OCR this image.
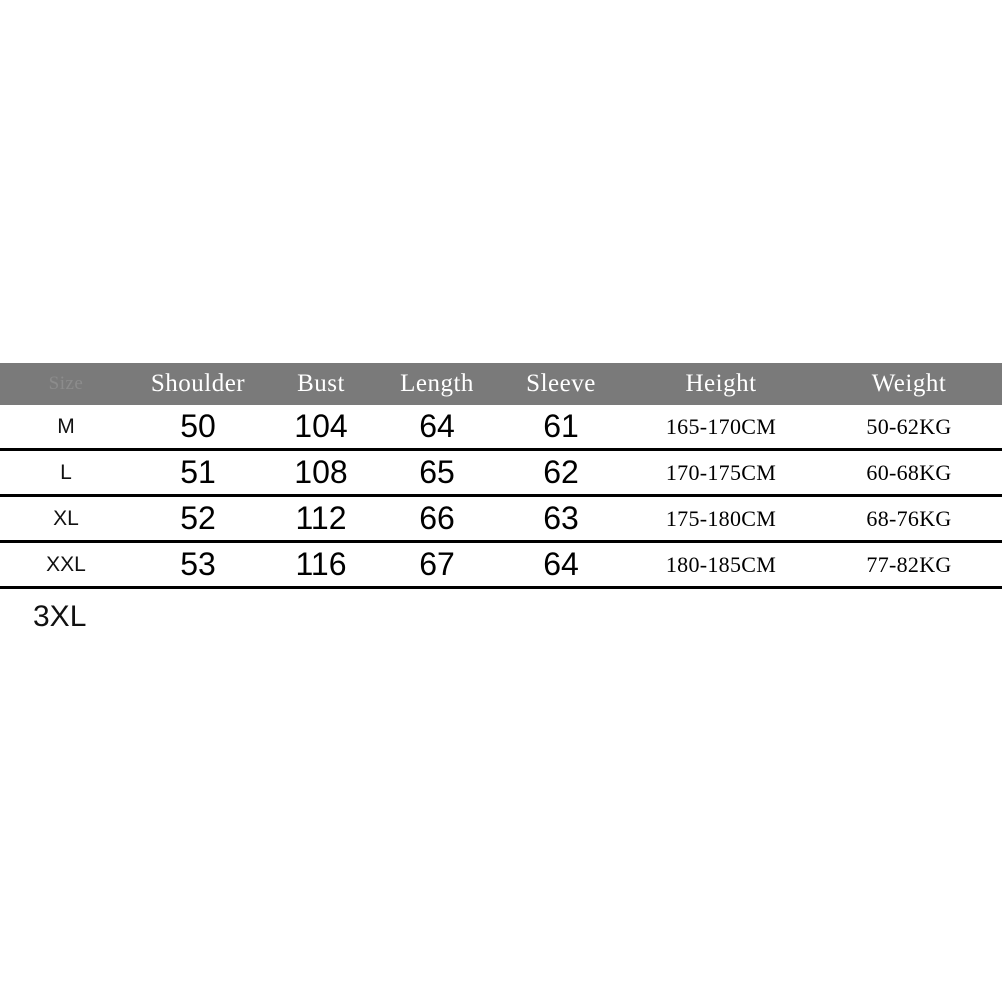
Size	Shoulder	Bust	Length	Sleeve	Height	Weight
M	50	104	64	61	165-170CM	50-62KG
L	51	108	65	62	170-175CM	60-68KG
XL	52	112	66	63	175-180CM	68-76KG
XXL	53	116	67	64	180-185CM	77-82KG
3XL
